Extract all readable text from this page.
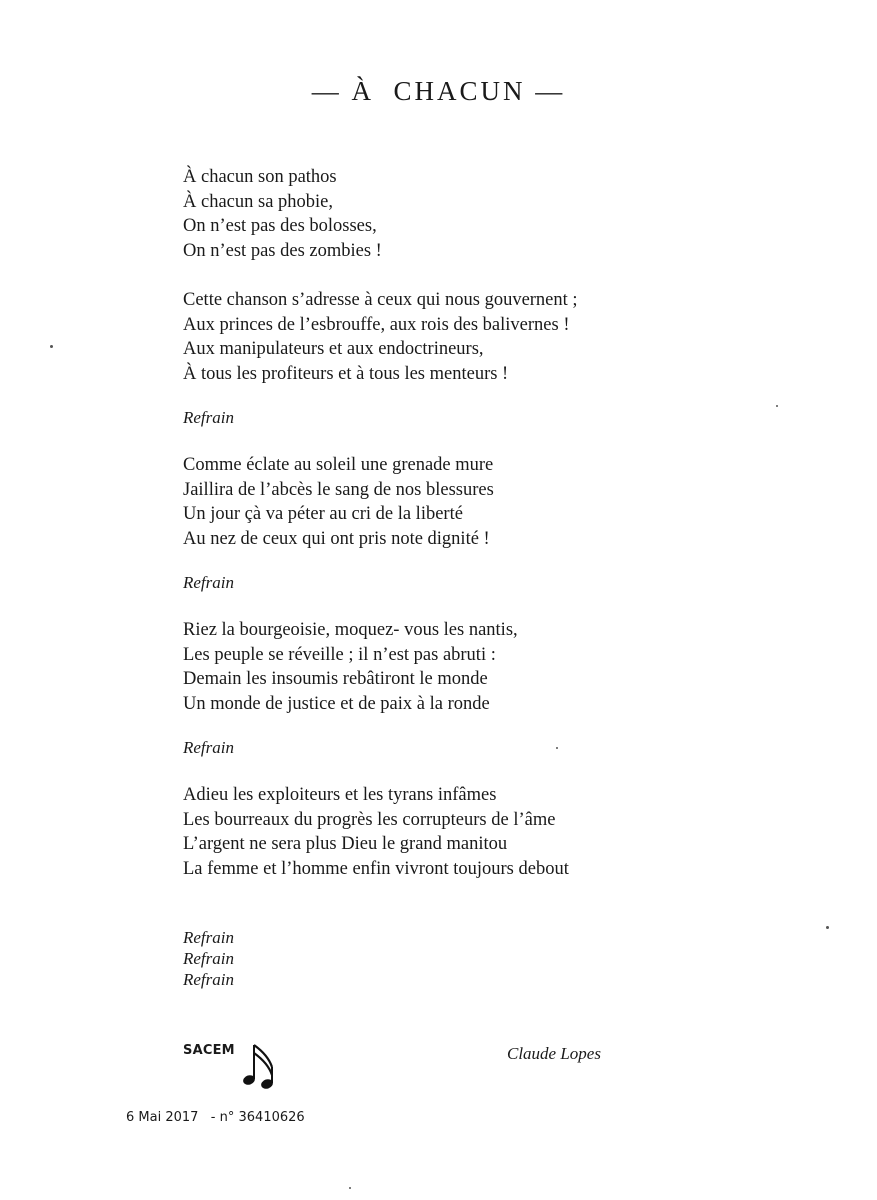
— À  CHACUN —
À chacun son pathos
À chacun sa phobie,
On n’est pas des bolosses,
On n’est pas des zombies !
Cette chanson s’adresse à ceux qui nous gouvernent ;
Aux princes de l’esbrouffe, aux rois des balivernes !
Aux manipulateurs et aux endoctrineurs,
À tous les profiteurs et à tous les menteurs !
Refrain
Comme éclate au soleil une grenade mure
Jaillira de l’abcès le sang de nos blessures
Un jour çà va péter au cri de la liberté
Au nez de ceux qui ont pris note dignité !
Refrain
Riez la bourgeoisie, moquez- vous les nantis,
Les peuple se réveille ; il n’est pas abruti :
Demain les insoumis rebâtiront le monde
Un monde de justice et de paix à la ronde
Refrain
Adieu les exploiteurs et les tyrans infâmes
Les bourreaux du progrès les corrupteurs de l’âme
L’argent ne sera plus Dieu le grand manitou
La femme et l’homme enfin vivront toujours debout
Refrain
Refrain
Refrain
SACEM	Claude Lopes
6 Mai 2017   - n° 36410626
